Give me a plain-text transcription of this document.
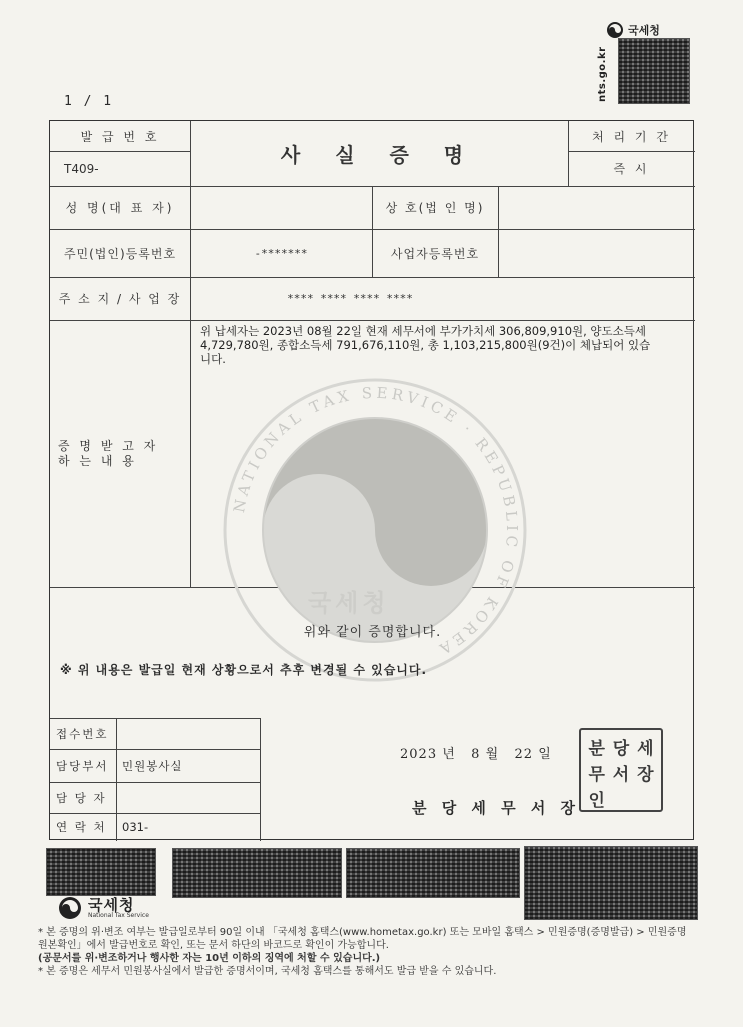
국세청
nts.go.kr
1 / 1
발 급 번 호
T409-
사 실 증 명
처 리 기 간
즉 시
성 명(대 표 자)	상 호(법 인 명)
주민(법인)등록번호	-*******	사업자등록번호
주 소 지 / 사 업 장	**** **** **** ****
증 명 받 고 자
하 는 내 용
NATIONAL TAX SERVICE · REPUBLIC OF KOREA
국세청
위 납세자는 2023년 08월 22일 현재 세무서에 부가가치세 306,809,910원, 양도소득세 4,729,780원, 종합소득세 791,676,110원, 총 1,103,215,800원(9건)이 체납되어 있습니다.
위와 같이 증명합니다.
※ 위 내용은 발급일 현재 상황으로서 추후 변경될 수 있습니다.
접수번호
담당부서	민원봉사실
담 당 자
연 락 처	031-
2023 년   8 월   22 일
분 당 세 무 서 장
분 당 세
무 서 장
인
국세청
National Tax Service

* 본 증명의 위·변조 여부는 발급일로부터 90일 이내 「국세청 홈택스(www.hometax.go.kr) 또는 모바일 홈택스 > 민원증명(증명발급) > 민원증명 원본확인」에서 발급번호로 확인, 또는 문서 하단의 바코드로 확인이 가능합니다.

(공문서를 위·변조하거나 행사한 자는 10년 이하의 징역에 처할 수 있습니다.)

* 본 증명은 세무서 민원봉사실에서 발급한 증명서이며, 국세청 홈택스를 통해서도 발급 받을 수 있습니다.
